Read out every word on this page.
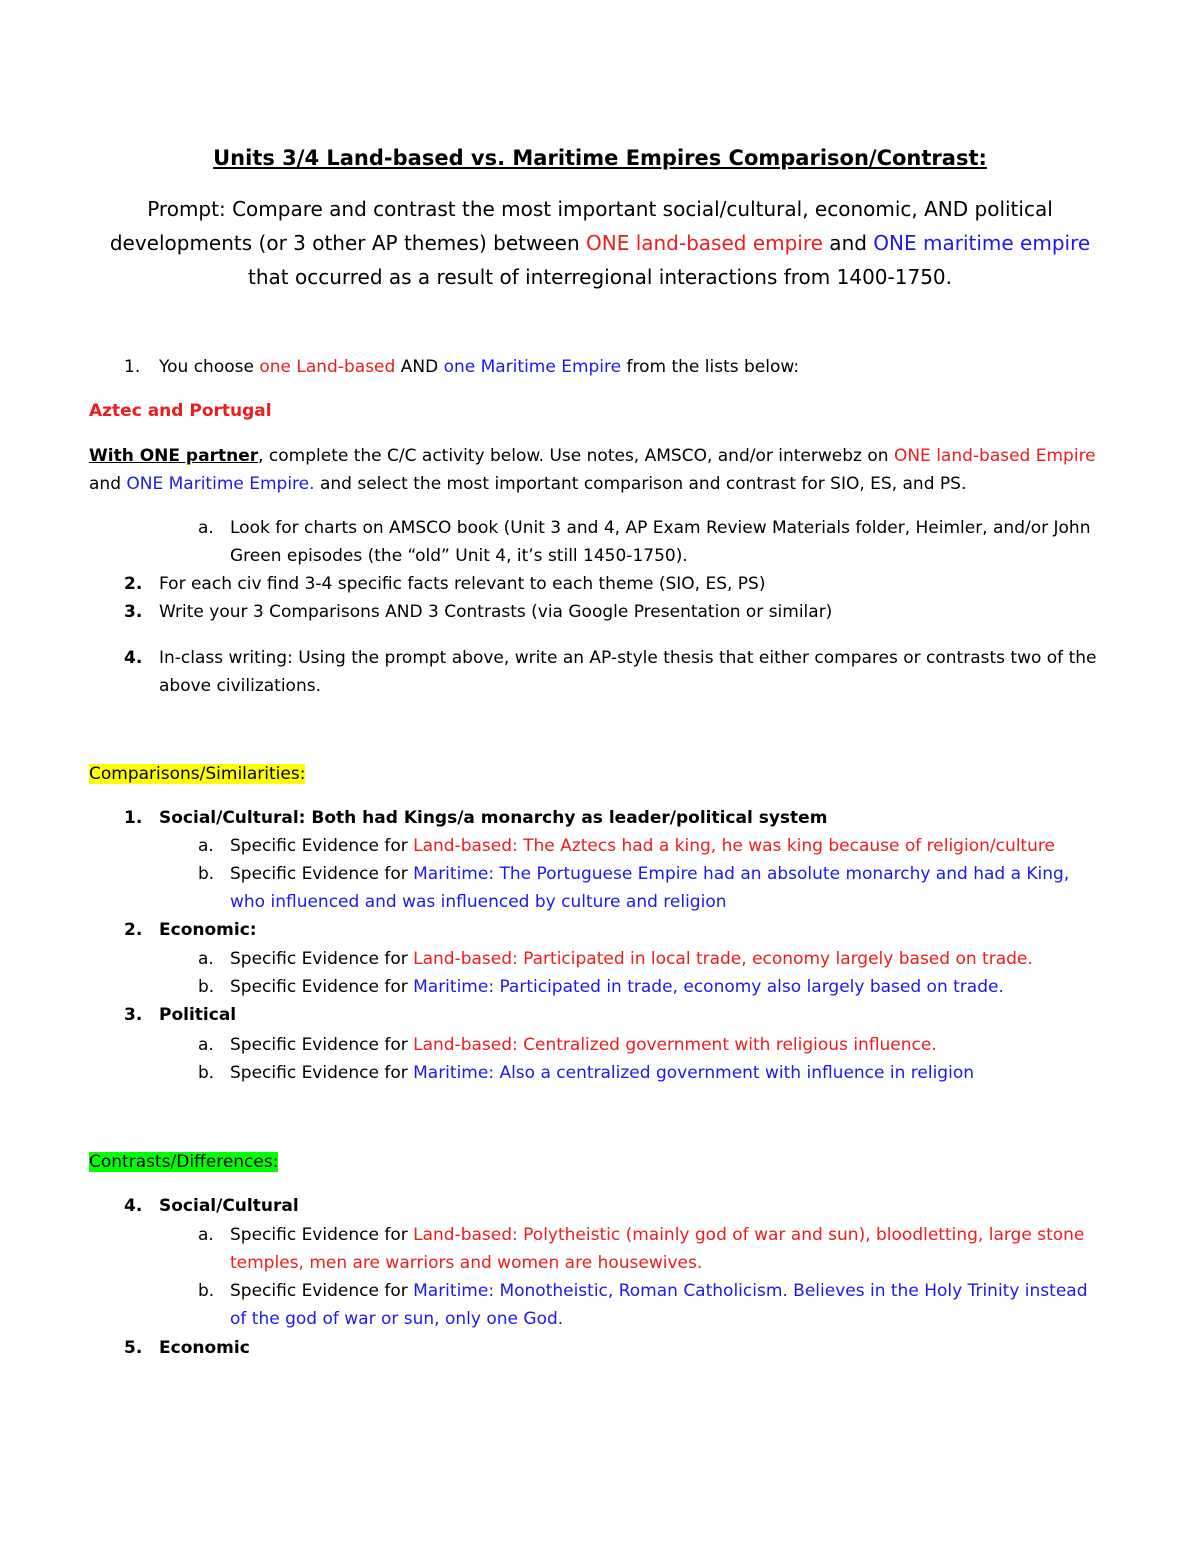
Units 3/4 Land-based vs. Maritime Empires Comparison/Contrast:
Prompt: Compare and contrast the most important social/cultural, economic, AND political
developments (or 3 other AP themes) between ONE land-based empire and ONE maritime empire
that occurred as a result of interregional interactions from 1400-1750.
1. You choose one Land-based AND one Maritime Empire from the lists below:
Aztec and Portugal
With ONE partner, complete the C/C activity below. Use notes, AMSCO, and/or interwebz on ONE land-based Empire
and ONE Maritime Empire. and select the most important comparison and contrast for SIO, ES, and PS.
a. Look for charts on AMSCO book (Unit 3 and 4, AP Exam Review Materials folder, Heimler, and/or John
Green episodes (the “old” Unit 4, it’s still 1450-1750).
2. For each civ find 3-4 specific facts relevant to each theme (SIO, ES, PS)
3. Write your 3 Comparisons AND 3 Contrasts (via Google Presentation or similar)
4. In-class writing: Using the prompt above, write an AP-style thesis that either compares or contrasts two of the
above civilizations.
Comparisons/Similarities:
1. Social/Cultural: Both had Kings/a monarchy as leader/political system
a. Specific Evidence for Land-based: The Aztecs had a king, he was king because of religion/culture
b. Specific Evidence for Maritime: The Portuguese Empire had an absolute monarchy and had a King,
who influenced and was influenced by culture and religion
2. Economic:
a. Specific Evidence for Land-based: Participated in local trade, economy largely based on trade.
b. Specific Evidence for Maritime: Participated in trade, economy also largely based on trade.
3. Political
a. Specific Evidence for Land-based: Centralized government with religious influence.
b. Specific Evidence for Maritime: Also a centralized government with influence in religion
Contrasts/Differences:
4. Social/Cultural
a. Specific Evidence for Land-based: Polytheistic (mainly god of war and sun), bloodletting, large stone
temples, men are warriors and women are housewives.
b. Specific Evidence for Maritime: Monotheistic, Roman Catholicism. Believes in the Holy Trinity instead
of the god of war or sun, only one God.
5. Economic
